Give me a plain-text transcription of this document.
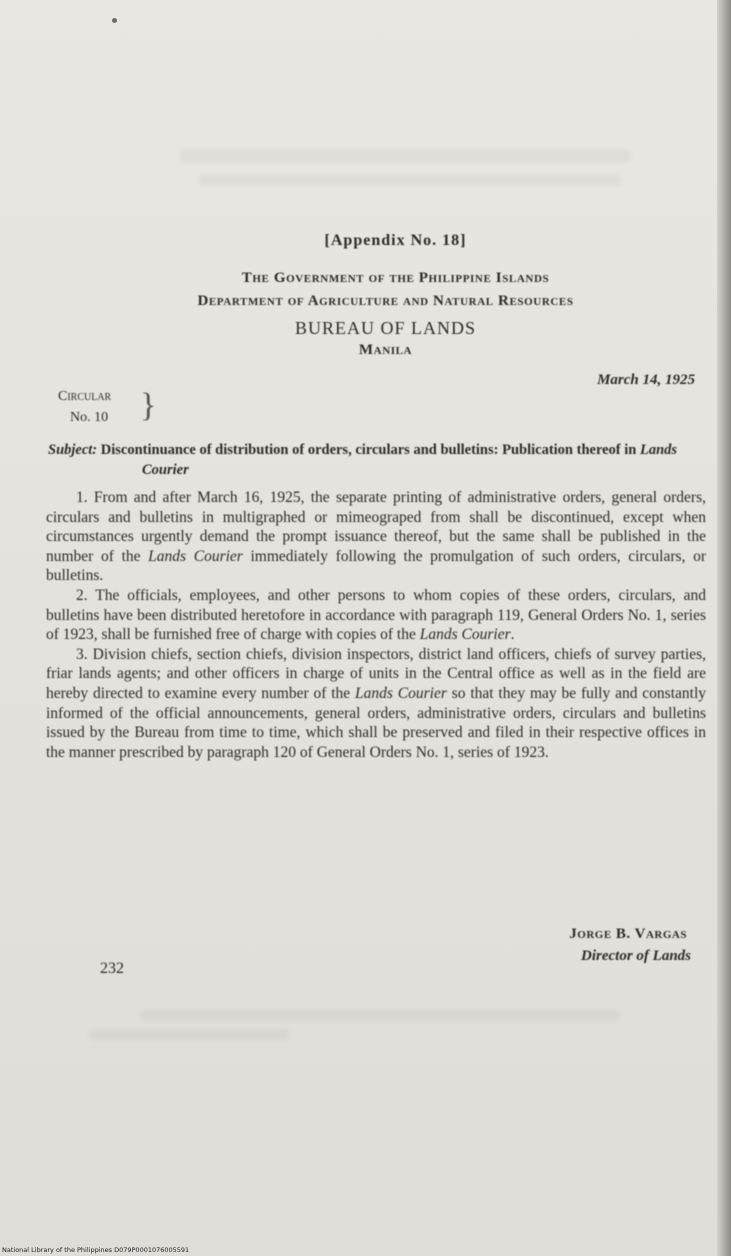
[Appendix No. 18]
The Government of the Philippine Islands
Department of Agriculture and Natural Resources
BUREAU OF LANDS
Manila
March 14, 1925
Circular
No. 10 }
Subject: Discontinuance of distribution of orders, circulars and bulletins: Publication thereof in Lands Courier

1. From and after March 16, 1925, the separate printing of administrative orders, general orders, circulars and bulletins in multigraphed or mimeograped from shall be discontinued, except when circumstances urgently demand the prompt issuance thereof, but the same shall be published in the number of the Lands Courier immediately following the promulgation of such orders, circulars, or bulletins.

2. The officials, employees, and other persons to whom copies of these orders, circulars, and bulletins have been distributed heretofore in accordance with paragraph 119, General Orders No. 1, series of 1923, shall be furnished free of charge with copies of the Lands Courier.

3. Division chiefs, section chiefs, division inspectors, district land officers, chiefs of survey parties, friar lands agents; and other officers in charge of units in the Central office as well as in the field are hereby directed to examine every number of the Lands Courier so that they may be fully and constantly informed of the official announcements, general orders, administrative orders, circulars and bulletins issued by the Bureau from time to time, which shall be preserved and filed in their respective offices in the manner prescribed by paragraph 120 of General Orders No. 1, series of 1923.

Jorge B. Vargas
Director of Lands
232
National Library of the Philippines D079P0001076005591
